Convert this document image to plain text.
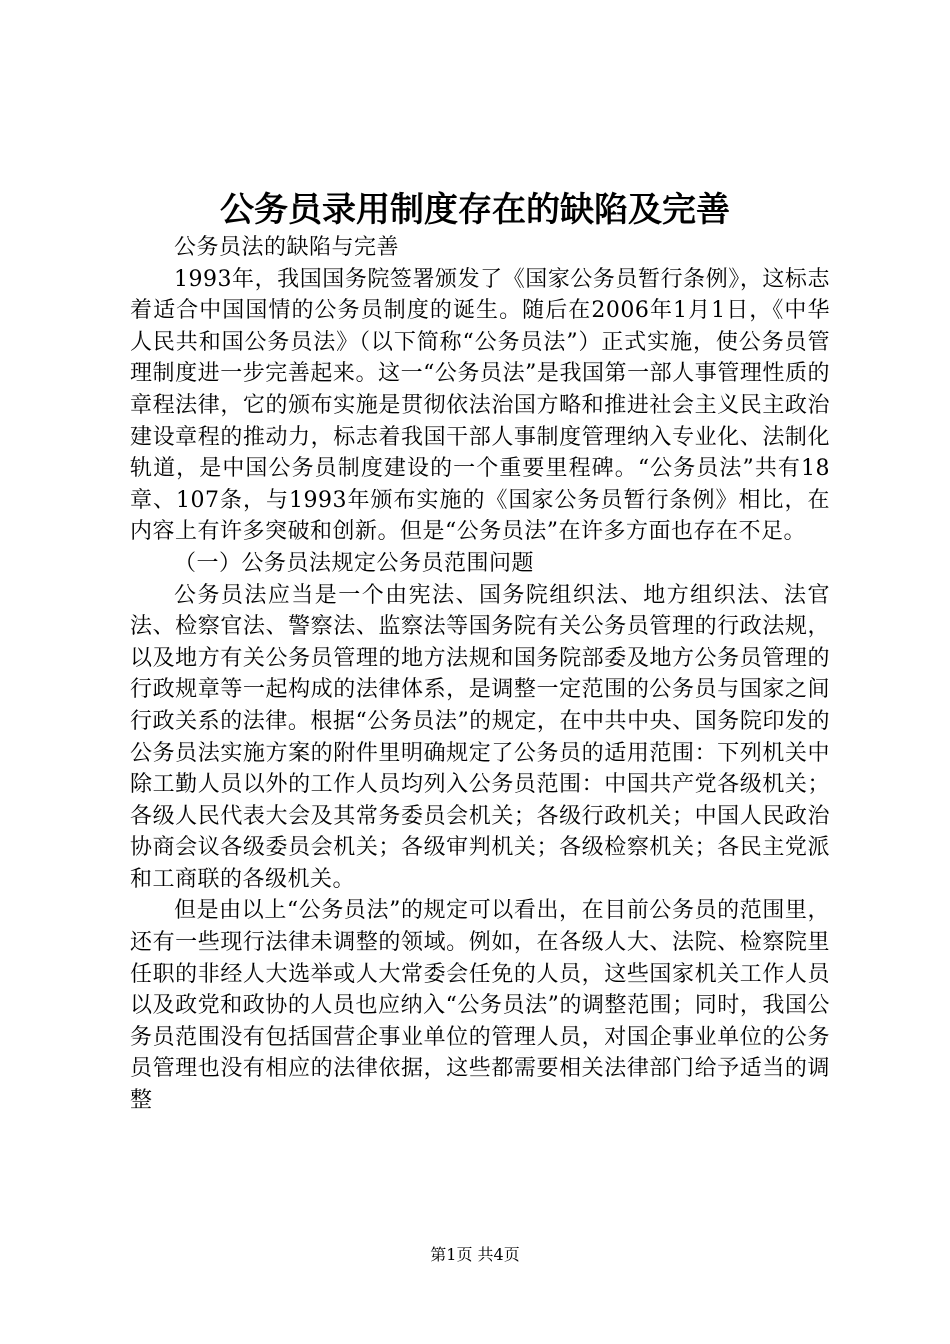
公务员录用制度存在的缺陷及完善

公务员法的缺陷与完善

1993年，我国国务院签署颁发了《国家公务员暂行条例》，这标志着适合中国国情的公务员制度的诞生。随后在2006年1月1日，《中华人民共和国公务员法》（以下简称“公务员法”）正式实施，使公务员管理制度进一步完善起来。这一“公务员法”是我国第一部人事管理性质的章程法律，它的颁布实施是贯彻依法治国方略和推进社会主义民主政治建设章程的推动力，标志着我国干部人事制度管理纳入专业化、法制化轨道，是中国公务员制度建设的一个重要里程碑。“公务员法”共有18章、107条，与1993年颁布实施的《国家公务员暂行条例》相比，在内容上有许多突破和创新。但是“公务员法”在许多方面也存在不足。

（一）公务员法规定公务员范围问题

公务员法应当是一个由宪法、国务院组织法、地方组织法、法官法、检察官法、警察法、监察法等国务院有关公务员管理的行政法规，以及地方有关公务员管理的地方法规和国务院部委及地方公务员管理的行政规章等一起构成的法律体系，是调整一定范围的公务员与国家之间行政关系的法律。根据“公务员法”的规定，在中共中央、国务院印发的公务员法实施方案的附件里明确规定了公务员的适用范围：下列机关中除工勤人员以外的工作人员均列入公务员范围：中国共产党各级机关；各级人民代表大会及其常务委员会机关；各级行政机关；中国人民政治协商会议各级委员会机关；各级审判机关；各级检察机关；各民主党派和工商联的各级机关。

但是由以上“公务员法”的规定可以看出，在目前公务员的范围里，还有一些现行法律未调整的领域。例如，在各级人大、法院、检察院里任职的非经人大选举或人大常委会任免的人员，这些国家机关工作人员以及政党和政协的人员也应纳入“公务员法”的调整范围；同时，我国公务员范围没有包括国营企事业单位的管理人员，对国企事业单位的公务员管理也没有相应的法律依据，这些都需要相关法律部门给予适当的调整

第1页 共4页
